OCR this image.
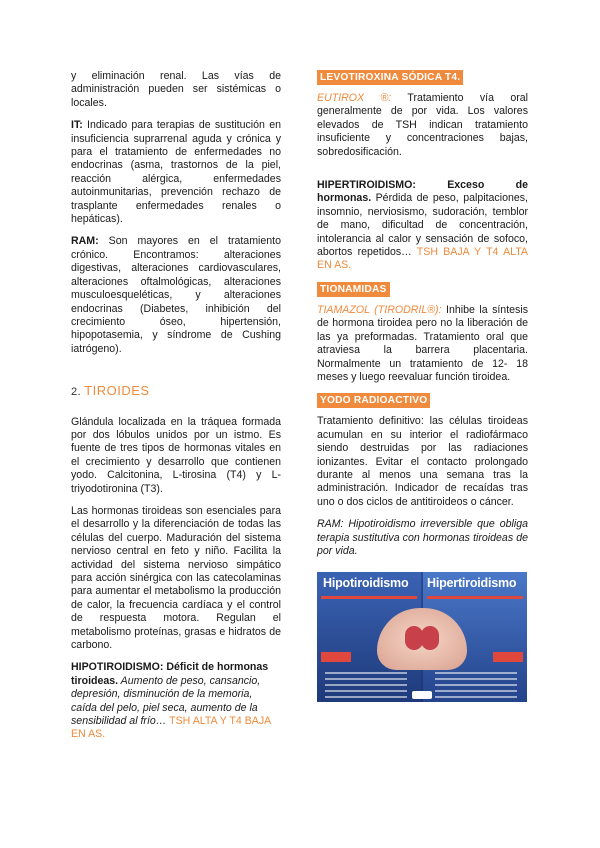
y eliminación renal. Las vías de administración pueden ser sistémicas o locales.

IT: Indicado para terapias de sustitución en insuficiencia suprarrenal aguda y crónica y para el tratamiento de enfermedades no endocrinas (asma, trastornos de la piel, reacción alérgica, enfermedades autoinmunitarias, prevención rechazo de trasplante enfermedades renales o hepáticas).

RAM: Son mayores en el tratamiento crónico. Encontramos: alteraciones digestivas, alteraciones cardiovasculares, alteraciones oftalmológicas, alteraciones musculoesqueléticas, y alteraciones endocrinas (Diabetes, inhibición del crecimiento óseo, hipertensión, hipopotasemia, y síndrome de Cushing iatrógeno).

2. TIROIDES

Glándula localizada en la tráquea formada por dos lóbulos unidos por un istmo. Es fuente de tres tipos de hormonas vitales en el crecimiento y desarrollo que contienen yodo. Calcitonina, L-tirosina (T4) y L- triyodotironina (T3).

Las hormonas tiroideas son esenciales para el desarrollo y la diferenciación de todas las células del cuerpo. Maduración del sistema nervioso central en feto y niño. Facilita la actividad del sistema nervioso simpático para acción sinérgica con las catecolaminas para aumentar el metabolismo la producción de calor, la frecuencia cardíaca y el control de respuesta motora. Regulan el metabolismo proteínas, grasas e hidratos de carbono.

HIPOTIROIDISMO: Déficit de hormonas tiroideas. Aumento de peso, cansancio, depresión, disminución de la memoria, caída del pelo, piel seca, aumento de la sensibilidad al frío… TSH ALTA Y T4 BAJA EN AS.

LEVOTIROXINA SÓDICA T4.

EUTIROX ®: Tratamiento vía oral generalmente de por vida. Los valores elevados de TSH indican tratamiento insuficiente y concentraciones bajas, sobredosificación.

HIPERTIROIDISMO: Exceso de hormonas. Pérdida de peso, palpitaciones, insomnio, nerviosismo, sudoración, temblor de mano, dificultad de concentración, intolerancia al calor y sensación de sofoco, abortos repetidos… TSH BAJA Y T4 ALTA EN AS.

TIONAMIDAS

TIAMAZOL (TIRODRIL®): Inhibe la síntesis de hormona tiroidea pero no la liberación de las ya preformadas. Tratamiento oral que atraviesa la barrera placentaria. Normalmente un tratamiento de 12- 18 meses y luego reevaluar función tiroidea.

YODO RADIOACTIVO

Tratamiento definitivo: las células tiroideas acumulan en su interior el radiofármaco siendo destruidas por las radiaciones ionizantes. Evitar el contacto prolongado durante al menos una semana tras la administración. Indicador de recaídas tras uno o dos ciclos de antitiroideos o cáncer.

RAM: Hipotiroidismo irreversible que obliga terapia sustitutiva con hormonas tiroideas de por vida.

Hipotiroidismo Hipertiroidismo
